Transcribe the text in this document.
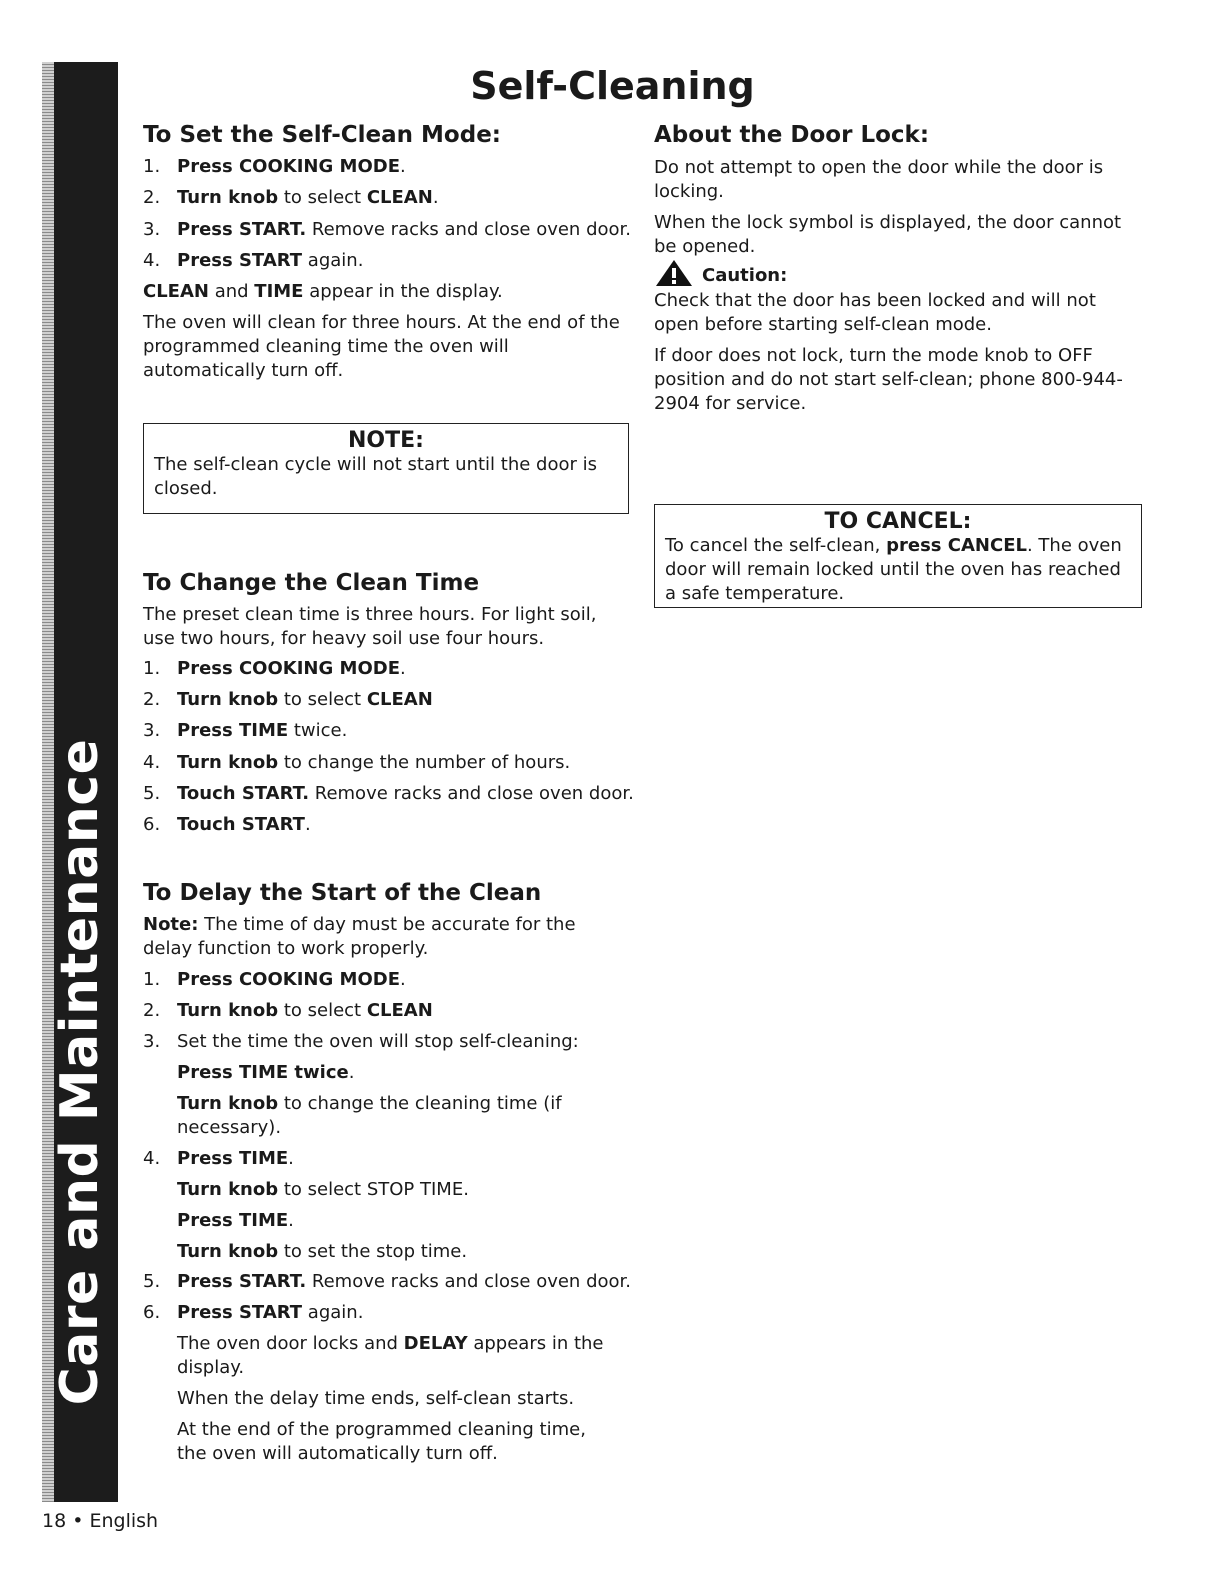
Care and Maintenance
Self-Cleaning
To Set the Self-Clean Mode:
1. Press COOKING MODE.
2. Turn knob to select CLEAN.
3. Press START. Remove racks and close oven door.
4. Press START again.
CLEAN and TIME appear in the display.

The oven will clean for three hours. At the end of the programmed cleaning time the oven will automatically turn off.

NOTE:

The self-clean cycle will not start until the door is closed.

To Change the Clean Time

The preset clean time is three hours. For light soil, use two hours, for heavy soil use four hours.

1. Press COOKING MODE.
2. Turn knob to select CLEAN
3. Press TIME twice.
4. Turn knob to change the number of hours.
5. Touch START. Remove racks and close oven door.
6. Touch START.
To Delay the Start of the Clean

Note: The time of day must be accurate for the delay function to work properly.

1. Press COOKING MODE.
2. Turn knob to select CLEAN
3. Set the time the oven will stop self-cleaning:
Press TIME twice.
Turn knob to change the cleaning time (if
necessary).
4. Press TIME.
Turn knob to select STOP TIME.
Press TIME.
Turn knob to set the stop time.
5. Press START. Remove racks and close oven door.
6. Press START again.

The oven door locks and DELAY appears in the display.

When the delay time ends, self-clean starts.

At the end of the programmed cleaning time, the oven will automatically turn off.

About the Door Lock:

Do not attempt to open the door while the door is locking.

When the lock symbol is displayed, the door cannot be opened.

Caution:

Check that the door has been locked and will not open before starting self-clean mode.

If door does not lock, turn the mode knob to OFF position and do not start self-clean; phone 800-944-2904 for service.

TO CANCEL:

To cancel the self-clean, press CANCEL. The oven door will remain locked until the oven has reached a safe temperature.

18 • English
